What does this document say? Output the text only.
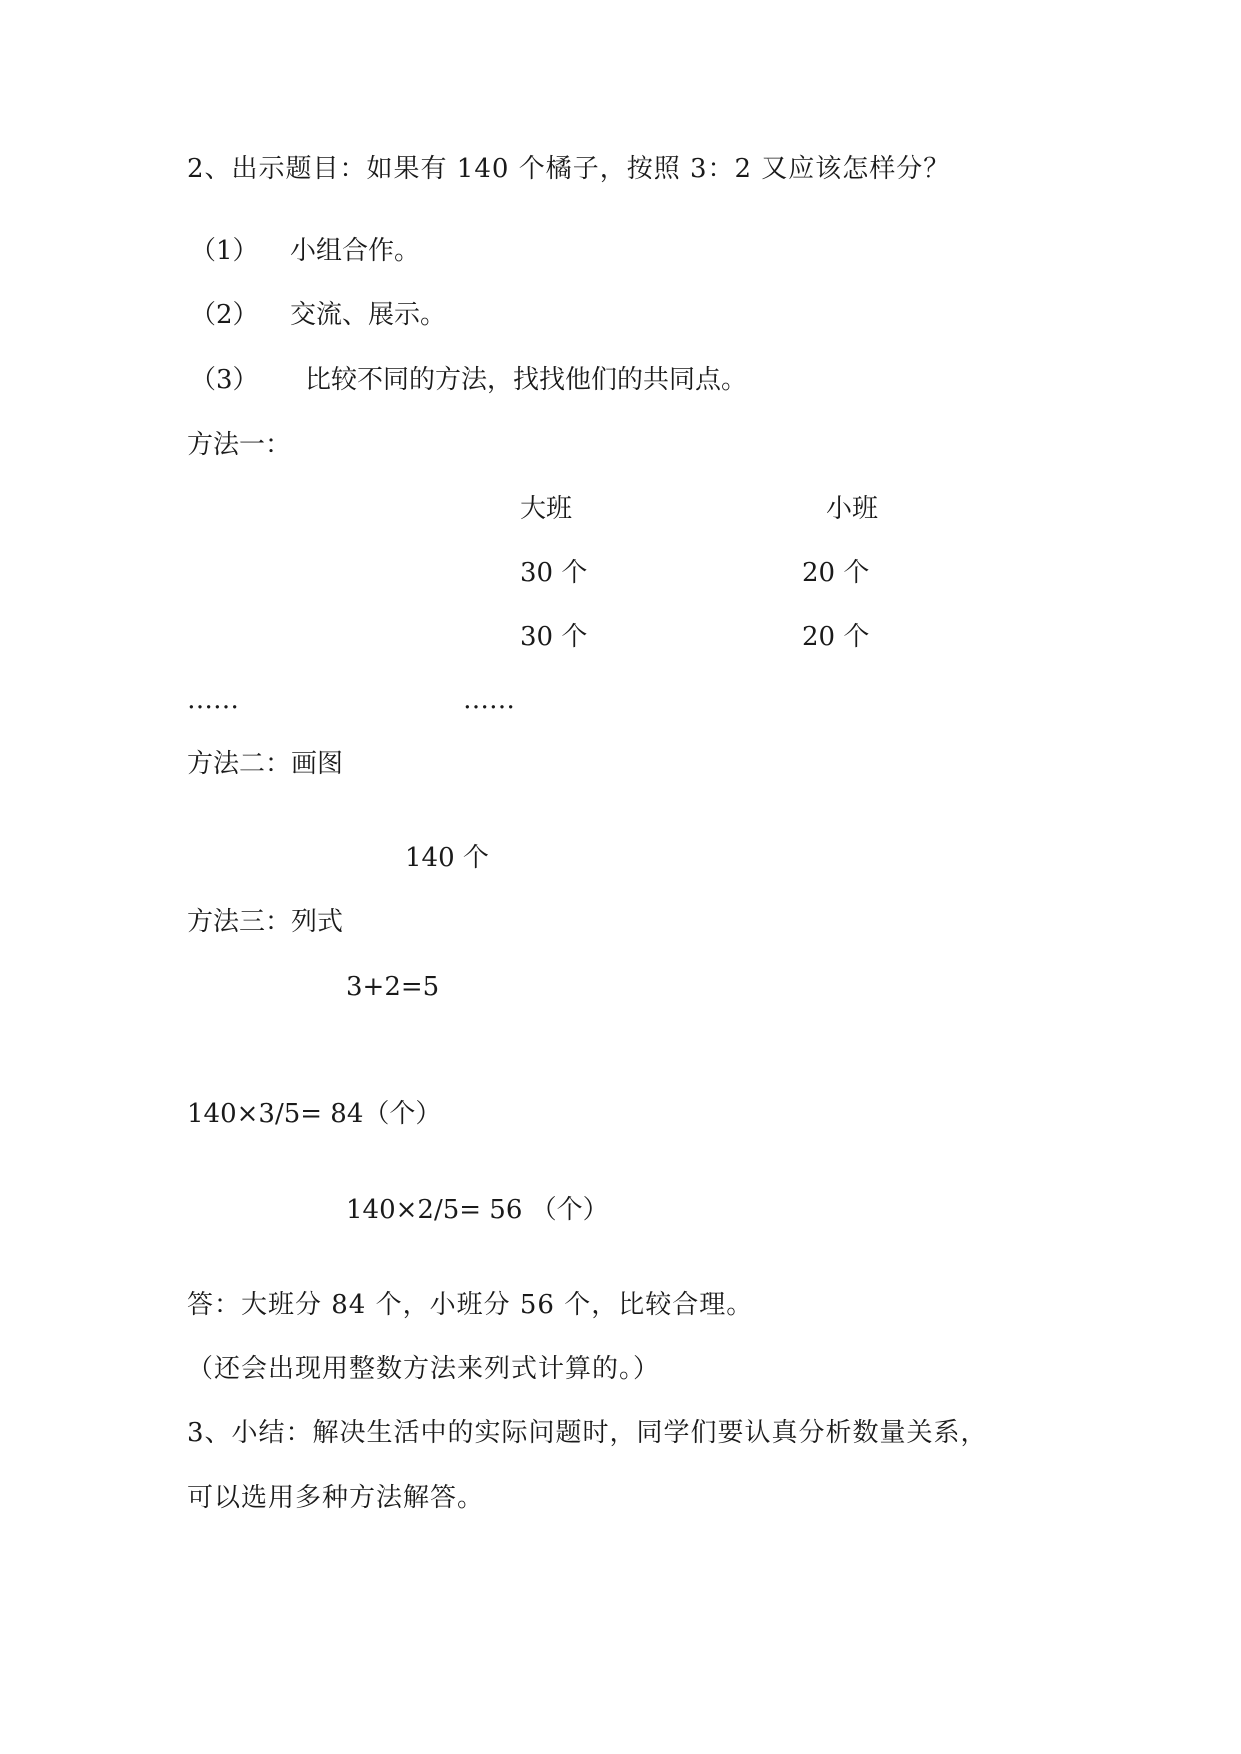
2、出示题目：如果有 140 个橘子，按照 3：2 又应该怎样分？
（1） 小组合作。
（2） 交流、展示。
（3） 比较不同的方法，找找他们的共同点。
方法一：
大班	小班
30 个	20 个
30 个	20 个
……	……
方法二：画图
140 个
方法三：列式
3+2=5
140×3/5= 84（个）
140×2/5= 56 （个）
答：大班分 84 个，小班分 56 个，比较合理。
（还会出现用整数方法来列式计算的。）
3、小结：解决生活中的实际问题时，同学们要认真分析数量关系，
可以选用多种方法解答。
